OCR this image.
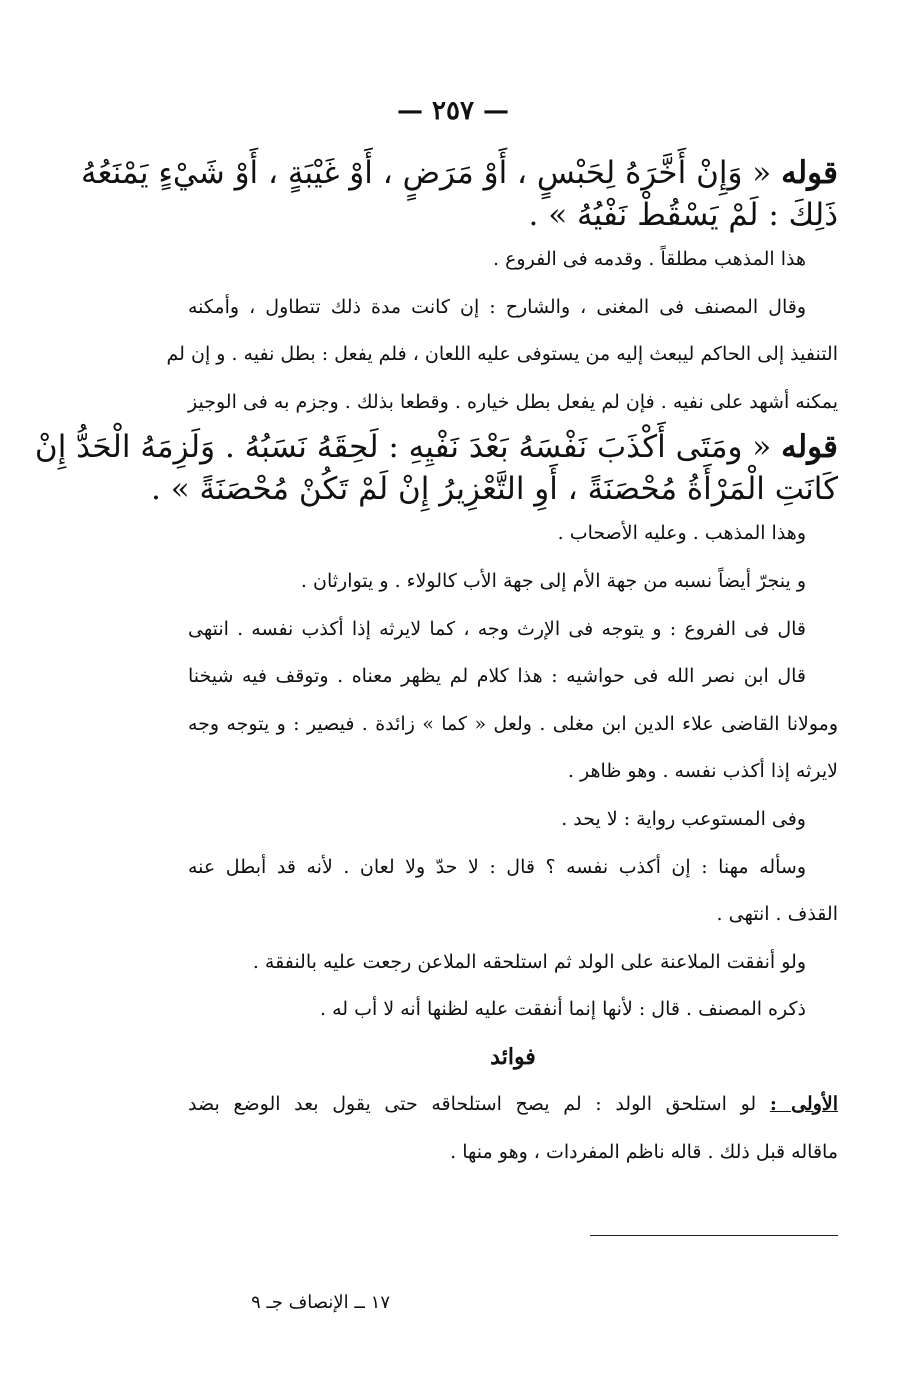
— ٢٥٧ —
قوله « وَإِنْ أَخَّرَهُ لِحَبْسٍ ، أَوْ مَرَضٍ ، أَوْ غَيْبَةٍ ، أَوْ شَيْءٍ يَمْنَعُهُ
ذَلِكَ : لَمْ يَسْقُطْ نَفْيُهُ » .
هذا المذهب مطلقاً . وقدمه فى الفروع .
وقال المصنف فى المغنى ، والشارح : إن كانت مدة ذلك تتطاول ، وأمكنه
التنفيذ إلى الحاكم ليبعث إليه من يستوفى عليه اللعان ، فلم يفعل : بطل نفيه . و إن لم
يمكنه أشهد على نفيه . فإن لم يفعل بطل خياره . وقطعا بذلك . وجزم به فى الوجيز
قوله « ومَتَى أَكْذَبَ نَفْسَهُ بَعْدَ نَفْيِهِ : لَحِقَهُ نَسَبُهُ . وَلَزِمَهُ الْحَدُّ إِنْ
كَانَتِ الْمَرْأَةُ مُحْصَنَةً ، أَوِ التَّعْزِيرُ إِنْ لَمْ تَكُنْ مُحْصَنَةً » .
وهذا المذهب . وعليه الأصحاب .
و ينجرّ أيضاً نسبه من جهة الأم إلى جهة الأب كالولاء . و يتوارثان .
قال فى الفروع : و يتوجه فى الإرث وجه ، كما لايرثه إذا أكذب نفسه . انتهى
قال ابن نصر الله فى حواشيه : هذا كلام لم يظهر معناه . وتوقف فيه شيخنا
ومولانا القاضى علاء الدين ابن مغلى . ولعل « كما » زائدة . فيصير : و يتوجه وجه
لايرثه إذا أكذب نفسه . وهو ظاهر .
وفى المستوعب رواية : لا يحد .
وسأله مهنا : إن أكذب نفسه ؟ قال : لا حدّ ولا لعان . لأنه قد أبطل عنه
القذف . انتهى .
ولو أنفقت الملاعنة على الولد ثم استلحقه الملاعن رجعت عليه بالنفقة .
ذكره المصنف . قال : لأنها إنما أنفقت عليه لظنها أنه لا أب له .
فوائد
الأولى : لو استلحق الولد : لم يصح استلحاقه حتى يقول بعد الوضع بضد
ماقاله قبل ذلك . قاله ناظم المفردات ، وهو منها .
١٧ ــ الإنصاف جـ ٩
